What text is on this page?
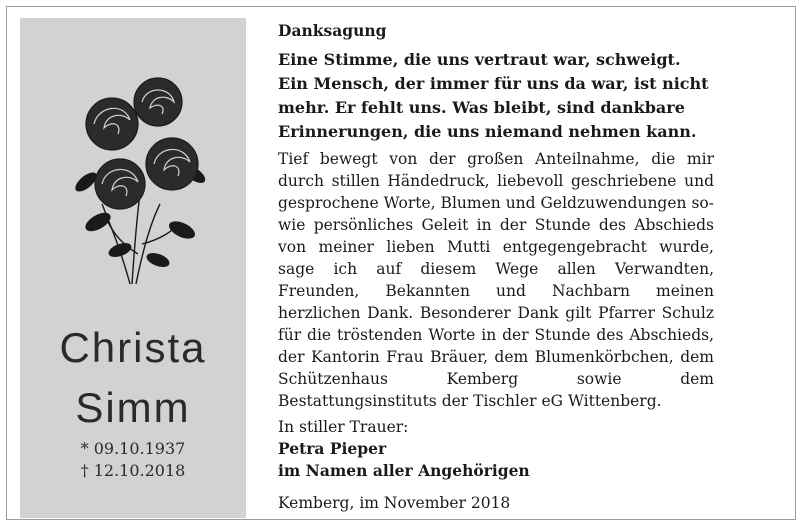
Christa
Simm
* 09.10.1937
† 12.10.2018
Danksagung
Eine Stimme, die uns vertraut war, schweigt.
Ein Mensch, der immer für uns da war, ist nicht
mehr. Er fehlt uns. Was bleibt, sind dankbare
Erinnerungen, die uns niemand nehmen kann.
Tief bewegt von der großen Anteilnahme, die mir durch stillen Händedruck, liebevoll geschriebene und gesprochene Worte, Blumen und Geldzuwendungen sowie persönliches Geleit in der Stunde des Abschieds von meiner lieben Mutti entgegengebracht wurde, sage ich auf diesem Wege allen Verwandten, Freunden, Bekannten und Nachbarn meinen herzlichen Dank. Besonderer Dank gilt Pfarrer Schulz für die tröstenden Worte in der Stunde des Abschieds, der Kantorin Frau Bräuer, dem Blumenkörbchen, dem Schützenhaus Kemberg sowie dem Bestattungsinstituts der Tischler eG Wittenberg.
In stiller Trauer:
Petra Pieper
im Namen aller Angehörigen
Kemberg, im November 2018
